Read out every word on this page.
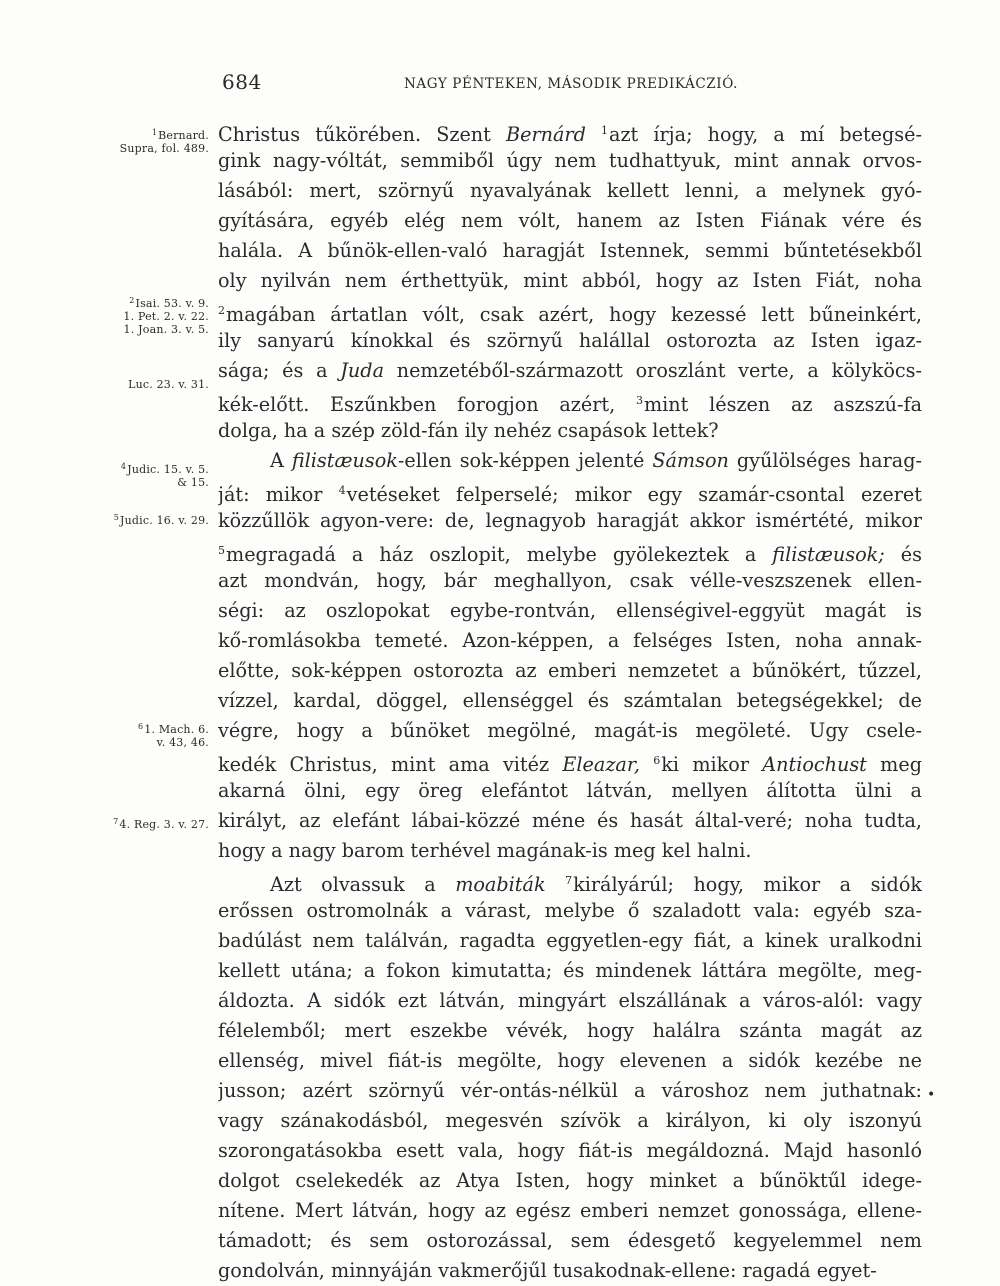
684	NAGY PÉNTEKEN, MÁSODIK PREDIKÁCZIÓ.
$^1$Bernard.
Supra, fol. 489.
$^2$Isai. 53. v. 9.
1. Pet. 2. v. 22.
1. Joan. 3. v. 5.
Luc. 23. v. 31.
$^4$Judic. 15. v. 5.
& 15.
$^5$Judic. 16. v. 29.
$^6$1. Mach. 6.
v. 43, 46.
$^7$4. Reg. 3. v. 27.
Christus tűkörében. Szent Bernárd $^1$azt írja; hogy, a mí betegsé-
gink nagy-vóltát, semmiből úgy nem tudhattyuk, mint annak orvos-
lásából: mert, szörnyű nyavalyának kellett lenni, a melynek gyó-
gyítására, egyéb elég nem vólt, hanem az Isten Fiának vére és
halála. A bűnök-ellen-való haragját Istennek, semmi bűntetésekből
oly nyilván nem érthettyük, mint abból, hogy az Isten Fiát, noha
$^2$magában ártatlan vólt, csak azért, hogy kezessé lett bűneinkért,
ily sanyarú kínokkal és szörnyű halállal ostorozta az Isten igaz-
sága; és a Juda nemzetéből-származott oroszlánt verte, a kölyköcs-
kék-előtt. Eszűnkben forogjon azért, $^3$mint lészen az aszszú-fa
dolga, ha a szép zöld-fán ily nehéz csapások lettek?
A filistæusok-ellen sok-képpen jelenté Sámson gyűlölséges harag-
ját: mikor $^4$vetéseket felperselé; mikor egy szamár-csontal ezeret
közzűllök agyon-vere: de, legnagyob haragját akkor ismértété, mikor
$^5$megragadá a ház oszlopit, melybe gyölekeztek a filistæusok; és
azt mondván, hogy, bár meghallyon, csak vélle-veszszenek ellen-
ségi: az oszlopokat egybe-rontván, ellenségivel-eggyüt magát is
kő-romlásokba temeté. Azon-képpen, a felséges Isten, noha annak-
előtte, sok-képpen ostorozta az emberi nemzetet a bűnökért, tűzzel,
vízzel, kardal, döggel, ellenséggel és számtalan betegségekkel; de
végre, hogy a bűnöket megölné, magát-is megöleté. Ugy csele-
kedék Christus, mint ama vitéz Eleazar, $^6$ki mikor Antiochust meg
akarná ölni, egy öreg elefántot látván, mellyen álította ülni a
királyt, az elefánt lábai-közzé méne és hasát által-veré; noha tudta,
hogy a nagy barom terhével magának-is meg kel halni.
Azt olvassuk a moabiták $^7$királyárúl; hogy, mikor a sidók
erőssen ostromolnák a várast, melybe ő szaladott vala: egyéb sza-
badúlást nem találván, ragadta eggyetlen-egy fiát, a kinek uralkodni
kellett utána; a fokon kimutatta; és mindenek láttára megölte, meg-
áldozta. A sidók ezt látván, mingyárt elszállának a város-alól: vagy
félelemből; mert eszekbe vévék, hogy halálra szánta magát az
ellenség, mivel fiát-is megölte, hogy elevenen a sidók kezébe ne
jusson; azért szörnyű vér-ontás-nélkül a városhoz nem juthatnak:
vagy szánakodásból, megesvén szívök a királyon, ki oly iszonyú
szorongatásokba esett vala, hogy fiát-is megáldozná. Majd hasonló
dolgot cselekedék az Atya Isten, hogy minket a bűnöktűl idege-
nítene. Mert látván, hogy az egész emberi nemzet gonossága, ellene-
támadott; és sem ostorozással, sem édesgető kegyelemmel nem
gondolván, minnyáján vakmerőjűl tusakodnak-ellene: ragadá egyet-
•
